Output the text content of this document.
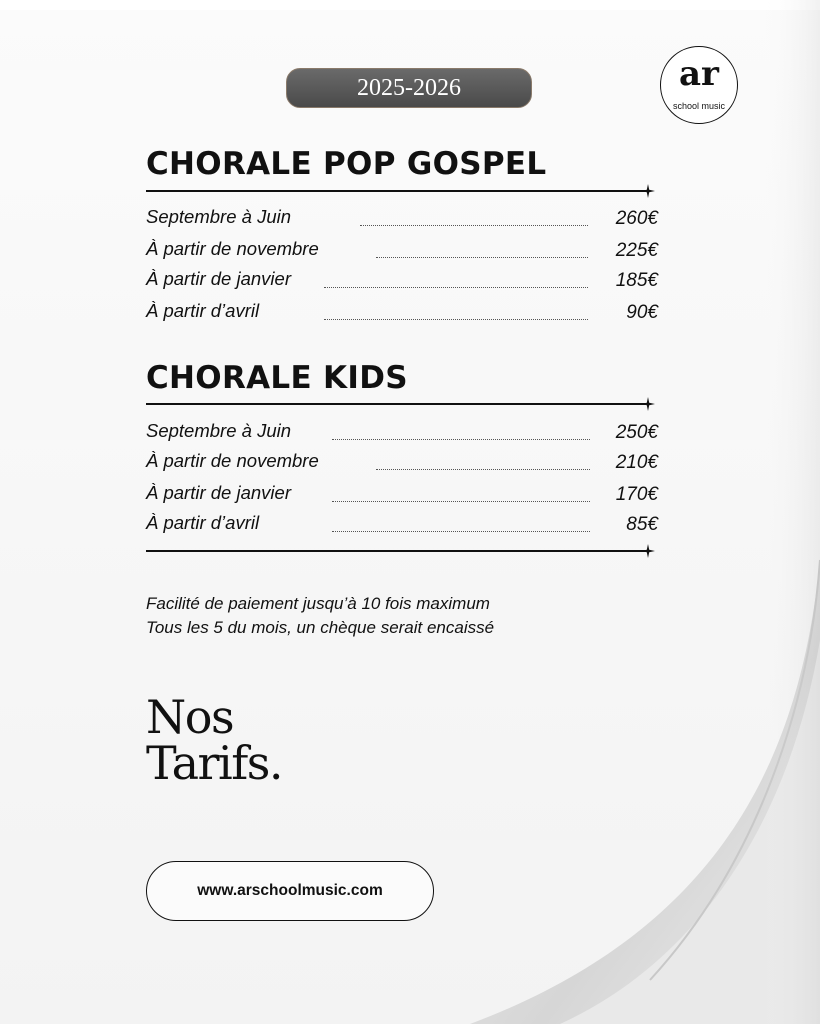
2025-2026	ar
school music
CHORALE POP GOSPEL
Septembre à Juin	260€
À partir de novembre	225€
À partir de janvier	185€
À partir d’avril	90€
CHORALE KIDS
Septembre à Juin	250€
À partir de novembre	210€
À partir de janvier	170€
À partir d’avril	85€

Facilité de paiement jusqu’à 10 fois maximum

Tous les 5 du mois, un chèque serait encaissé

Nos
Tarifs.
www.arschoolmusic.com
